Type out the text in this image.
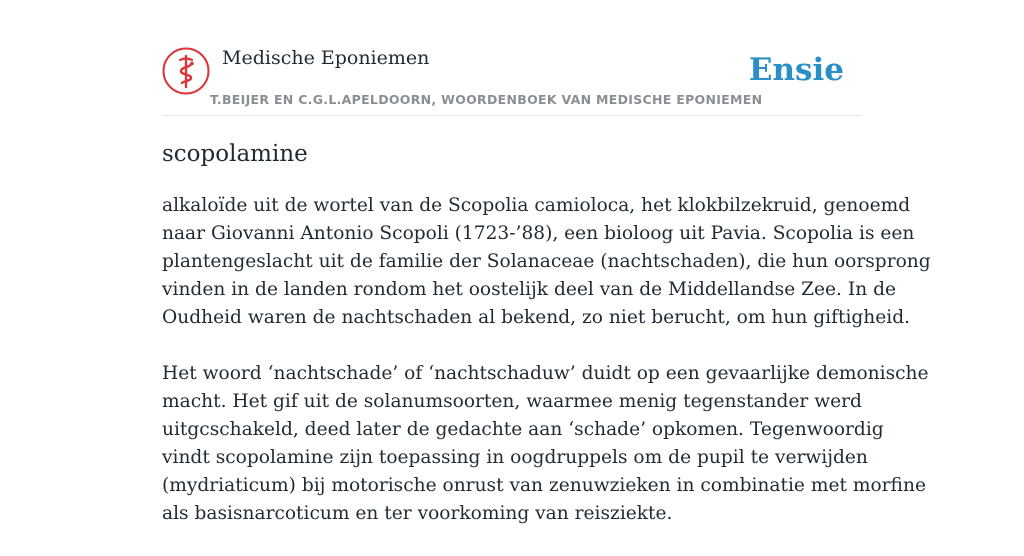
Medische Eponiemen
T.BEIJER EN C.G.L.APELDOORN, WOORDENBOEK VAN MEDISCHE EPONIEMEN
Ensie
scopolamine

alkaloïde uit de wortel van de Scopolia camioloca, het klokbilzekruid, genoemd
naar Giovanni Antonio Scopoli (1723-’88), een bioloog uit Pavia. Scopolia is een
plantengeslacht uit de familie der Solanaceae (nachtschaden), die hun oorsprong
vinden in de landen rondom het oostelijk deel van de Middellandse Zee. In de
Oudheid waren de nachtschaden al bekend, zo niet berucht, om hun giftigheid.

Het woord ‘nachtschade’ of ‘nachtschaduw’ duidt op een gevaarlijke demonische
macht. Het gif uit de solanumsoorten, waarmee menig tegenstander werd
uitgcschakeld, deed later de gedachte aan ‘schade’ opkomen. Tegenwoordig
vindt scopolamine zijn toepassing in oogdruppels om de pupil te verwijden
(mydriaticum) bij motorische onrust van zenuwzieken in combinatie met morfine
als basisnarcoticum en ter voorkoming van reisziekte.
